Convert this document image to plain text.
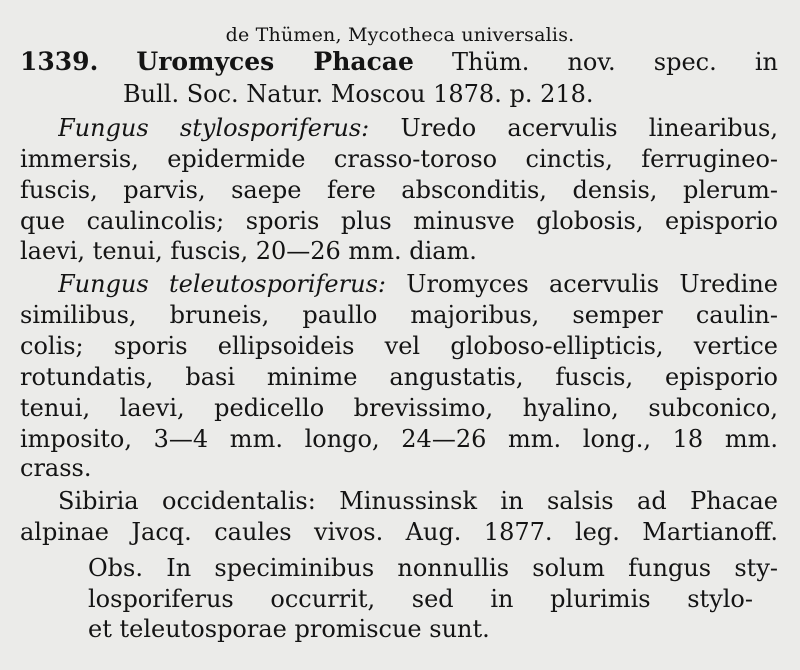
de Thümen, Mycotheca universalis.
1339. Uromyces Phacae Thüm. nov. spec. in
Bull. Soc. Natur. Moscou 1878. p. 218.
Fungus stylosporiferus: Uredo acervulis linearibus,
immersis, epidermide crasso-toroso cinctis, ferrugineo-
fuscis, parvis, saepe fere absconditis, densis, plerum-
que caulincolis; sporis plus minusve globosis, episporio
laevi, tenui, fuscis, 20—26 mm. diam.
Fungus teleutosporiferus: Uromyces acervulis Uredine
similibus, bruneis, paullo majoribus, semper caulin-
colis; sporis ellipsoideis vel globoso-ellipticis, vertice
rotundatis, basi minime angustatis, fuscis, episporio
tenui, laevi, pedicello brevissimo, hyalino, subconico,
imposito, 3—4 mm. longo, 24—26 mm. long., 18 mm.
crass.
Sibiria occidentalis: Minussinsk in salsis ad Phacae
alpinae Jacq. caules vivos. Aug. 1877. leg. Martianoff.
Obs. In speciminibus nonnullis solum fungus sty-
losporiferus occurrit, sed in plurimis stylo-
et teleutosporae promiscue sunt.
